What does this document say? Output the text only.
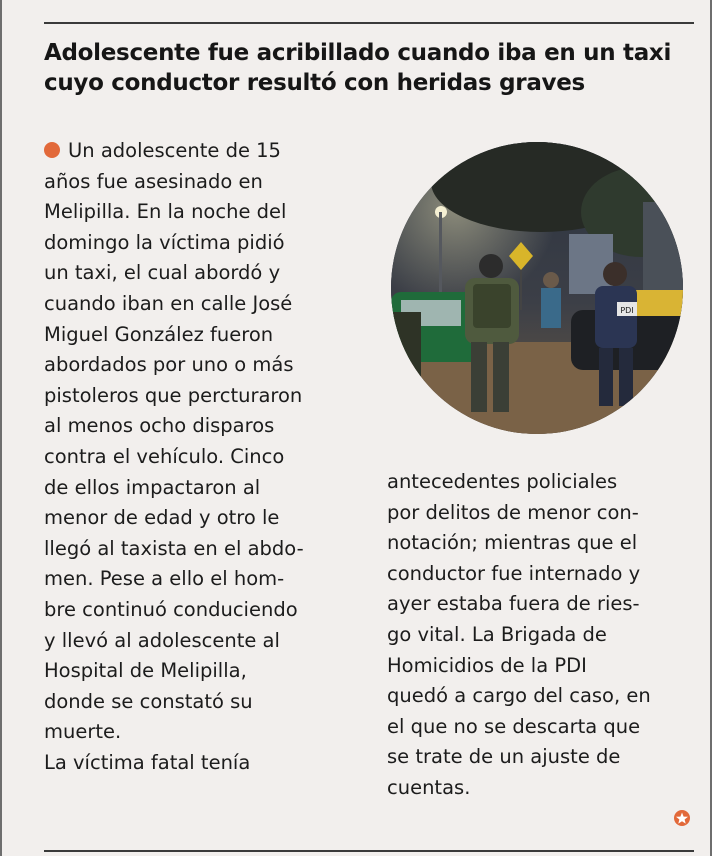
Adolescente fue acribillado cuando iba en un taxi cuyo conductor resultó con heridas graves

Un adolescente de 15
años fue asesinado en
Melipilla. En la noche del
domingo la víctima pidió
un taxi, el cual abordó y
cuando iban en calle José
Miguel González fueron
abordados por uno o más
pistoleros que percturaron
al menos ocho disparos
contra el vehículo. Cinco
de ellos impactaron al
menor de edad y otro le
llegó al taxista en el abdo-
men. Pese a ello el hom-
bre continuó conduciendo
y llevó al adolescente al
Hospital de Melipilla,
donde se constató su
muerte.
La víctima fatal tenía

PDI

antecedentes policiales
por delitos de menor con-
notación; mientras que el
conductor fue internado y
ayer estaba fuera de ries-
go vital. La Brigada de
Homicidios de la PDI
quedó a cargo del caso, en
el que no se descarta que
se trate de un ajuste de
cuentas.
